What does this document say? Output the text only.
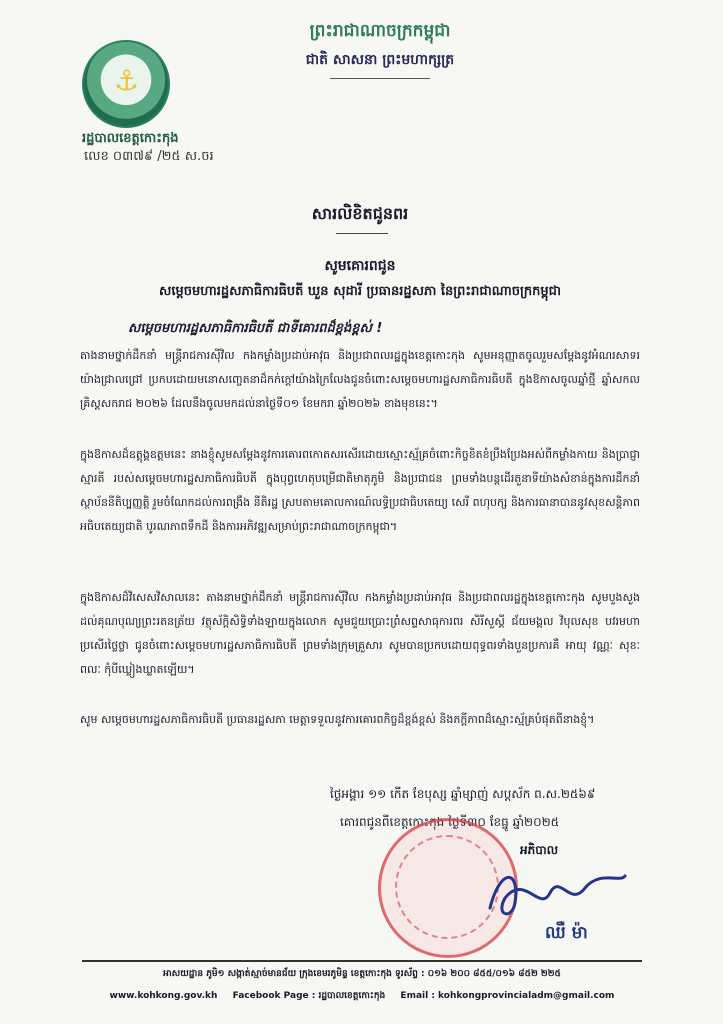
⚓
រដ្ឋបាលខេត្តកោះកុង
លេខ ០៣៧៩ /២៥ ស.ចរ
ព្រះរាជាណាចក្រកម្ពុជា
ជាតិ សាសនា ព្រះមហាក្សត្រ
សារលិខិតជូនពរ
សូមគោរពជូន
សម្តេចមហារដ្ឋសភាធិការធិបតី ឃួន សុដារី ប្រធានរដ្ឋសភា នៃព្រះរាជាណាចក្រកម្ពុជា
សម្តេចមហារដ្ឋសភាធិការធិបតី ជាទីគោរពដ៏ខ្ពង់ខ្ពស់ !
តាងនាមថ្នាក់ដឹកនាំ មន្ត្រីរាជការស៊ីវិល កងកម្លាំងប្រដាប់អាវុធ និងប្រជាពលរដ្ឋក្នុងខេត្តកោះកុង សូមអនុញ្ញាតចូលរួមសម្តែងនូវអំណរសាទរយ៉ាងជ្រាលជ្រៅ ប្រកបដោយមនោសញ្ចេតនាដ៏កក់ក្តៅយ៉ាងក្រៃលែងជូនចំពោះសម្តេចមហារដ្ឋសភាធិការធិបតី ក្នុងឱកាសចូលឆ្នាំថ្មី ឆ្នាំសកល គ្រិស្តសករាជ ២០២៦ ដែលនឹងចូលមកដល់នាថ្ងៃទី០១ ខែមករា ឆ្នាំ២០២៦ ខាងមុខនេះ។
ក្នុងឱកាសដ៏ឧត្តុង្គឧត្តមនេះ នាងខ្ញុំសូមសម្តែងនូវការគោរពកោតសរសើរដោយស្មោះស្ម័គ្រចំពោះកិច្ចខិតខំប្រឹងប្រែងអស់ពីកម្លាំងកាយ និងប្រាជ្ញាស្មារតី របស់សម្តេចមហារដ្ឋសភាធិការធិបតី ក្នុងបុព្វហេតុបម្រើជាតិមាតុភូមិ និងប្រជាជន ព្រមទាំងបន្តដើរតួនាទីយ៉ាងសំខាន់ក្នុងការដឹកនាំស្ថាប័ននីតិប្បញ្ញត្តិ រួមចំណែកដល់ការពង្រឹង នីតិរដ្ឋ ស្របតាមគោលការណ៍លទ្ធិប្រជាធិបតេយ្យ សេរី ពហុបក្ស និងការធានាបាននូវសុខសន្តិភាព អធិបតេយ្យជាតិ បូរណភាពទឹកដី និងការអភិវឌ្ឍសម្រាប់ព្រះរាជាណាចក្រកម្ពុជា។
ក្នុងឱកាសដ៏វិសេសវិសាលនេះ តាងនាមថ្នាក់ដឹកនាំ មន្ត្រីរាជការស៊ីវិល កងកម្លាំងប្រដាប់អាវុធ និងប្រជាពលរដ្ឋក្នុងខេត្តកោះកុង សូមបួងសួងដល់គុណបុណ្យព្រះរតនត្រ័យ វត្ថុស័ក្តិសិទ្ធិទាំងឡាយក្នុងលោក សូមជួយប្រោះព្រំសព្ទសាធុការពរ សិរីសួស្តី ជ័យមង្គល វិបុលសុខ បវរមហាប្រសើរថ្លៃថ្លា ជូនចំពោះសម្តេចមហារដ្ឋសភាធិការធិបតី ព្រមទាំងក្រុមគ្រួសារ សូមបានប្រកបដោយពុទ្ធពរទាំងបួនប្រការគឺ អាយុ វណ្ណៈ សុខៈ ពលៈ កុំបីឃ្លៀងឃ្លាតឡើយ។
សូម សម្តេចមហារដ្ឋសភាធិការធិបតី ប្រធានរដ្ឋសភា មេត្តាទទួលនូវការគោរពកិច្ចដ៏ខ្ពង់ខ្ពស់ និងភក្តីភាពដ៏ស្មោះស្ម័គ្របំផុតពីនាងខ្ញុំ។
ថ្ងៃអង្គារ ១១ កើត ខែបុស្ស ឆ្នាំម្សាញ់ សប្តស័ក ព.ស.២៥៦៩
គោរពជូនពីខេត្តកោះកុង ថ្ងៃទី៣០ ខែធ្នូ ឆ្នាំ២០២៥
អភិបាល
ឈឺ ម៉ា
អាសយដ្ឋាន ភូមិ១ សង្កាត់ស្មាច់មានជ័យ ក្រុងខេមរភូមិន្ទ ខេត្តកោះកុង ទូរស័ព្ទ : ០១៦ ២០០ ៨៥៥/០១៦ ៨៥២ ២២៥
www.kohkong.gov.kh Facebook Page : រដ្ឋបាលខេត្តកោះកុង Email : kohkongprovincialadm@gmail.com
